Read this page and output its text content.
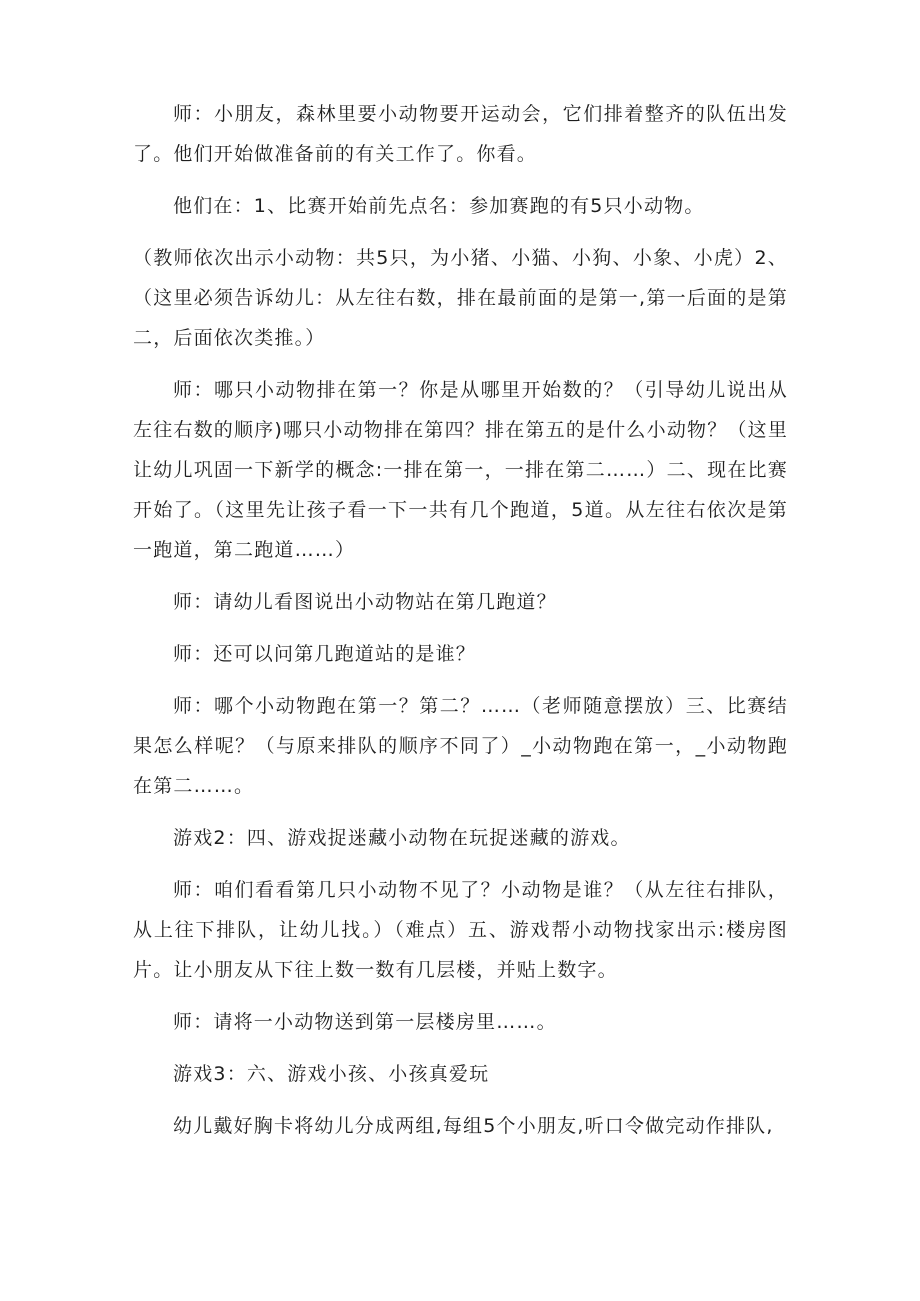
师：小朋友，森林里要小动物要开运动会，它们排着整齐的队伍出发了。他们开始做准备前的有关工作了。你看。

他们在：1、比赛开始前先点名：参加赛跑的有5只小动物。

（教师依次出示小动物：共5只，为小猪、小猫、小狗、小象、小虎）2、（这里必须告诉幼儿：从左往右数，排在最前面的是第一,第一后面的是第二，后面依次类推。）

师：哪只小动物排在第一？你是从哪里开始数的？（引导幼儿说出从左往右数的顺序)哪只小动物排在第四？排在第五的是什么小动物？（这里让幼儿巩固一下新学的概念:一排在第一，一排在第二……）二、现在比赛开始了。（这里先让孩子看一下一共有几个跑道，5道。从左往右依次是第一跑道，第二跑道……）

师：请幼儿看图说出小动物站在第几跑道？

师：还可以问第几跑道站的是谁？

师：哪个小动物跑在第一？第二？……（老师随意摆放）三、比赛结果怎么样呢？（与原来排队的顺序不同了）_小动物跑在第一，_小动物跑在第二……。

游戏2：四、游戏捉迷藏小动物在玩捉迷藏的游戏。

师：咱们看看第几只小动物不见了？小动物是谁？（从左往右排队，从上往下排队，让幼儿找。）（难点）五、游戏帮小动物找家出示:楼房图片。让小朋友从下往上数一数有几层楼，并贴上数字。

师：请将一小动物送到第一层楼房里……。

游戏3：六、游戏小孩、小孩真爱玩

幼儿戴好胸卡将幼儿分成两组,每组5个小朋友,听口令做完动作排队,
